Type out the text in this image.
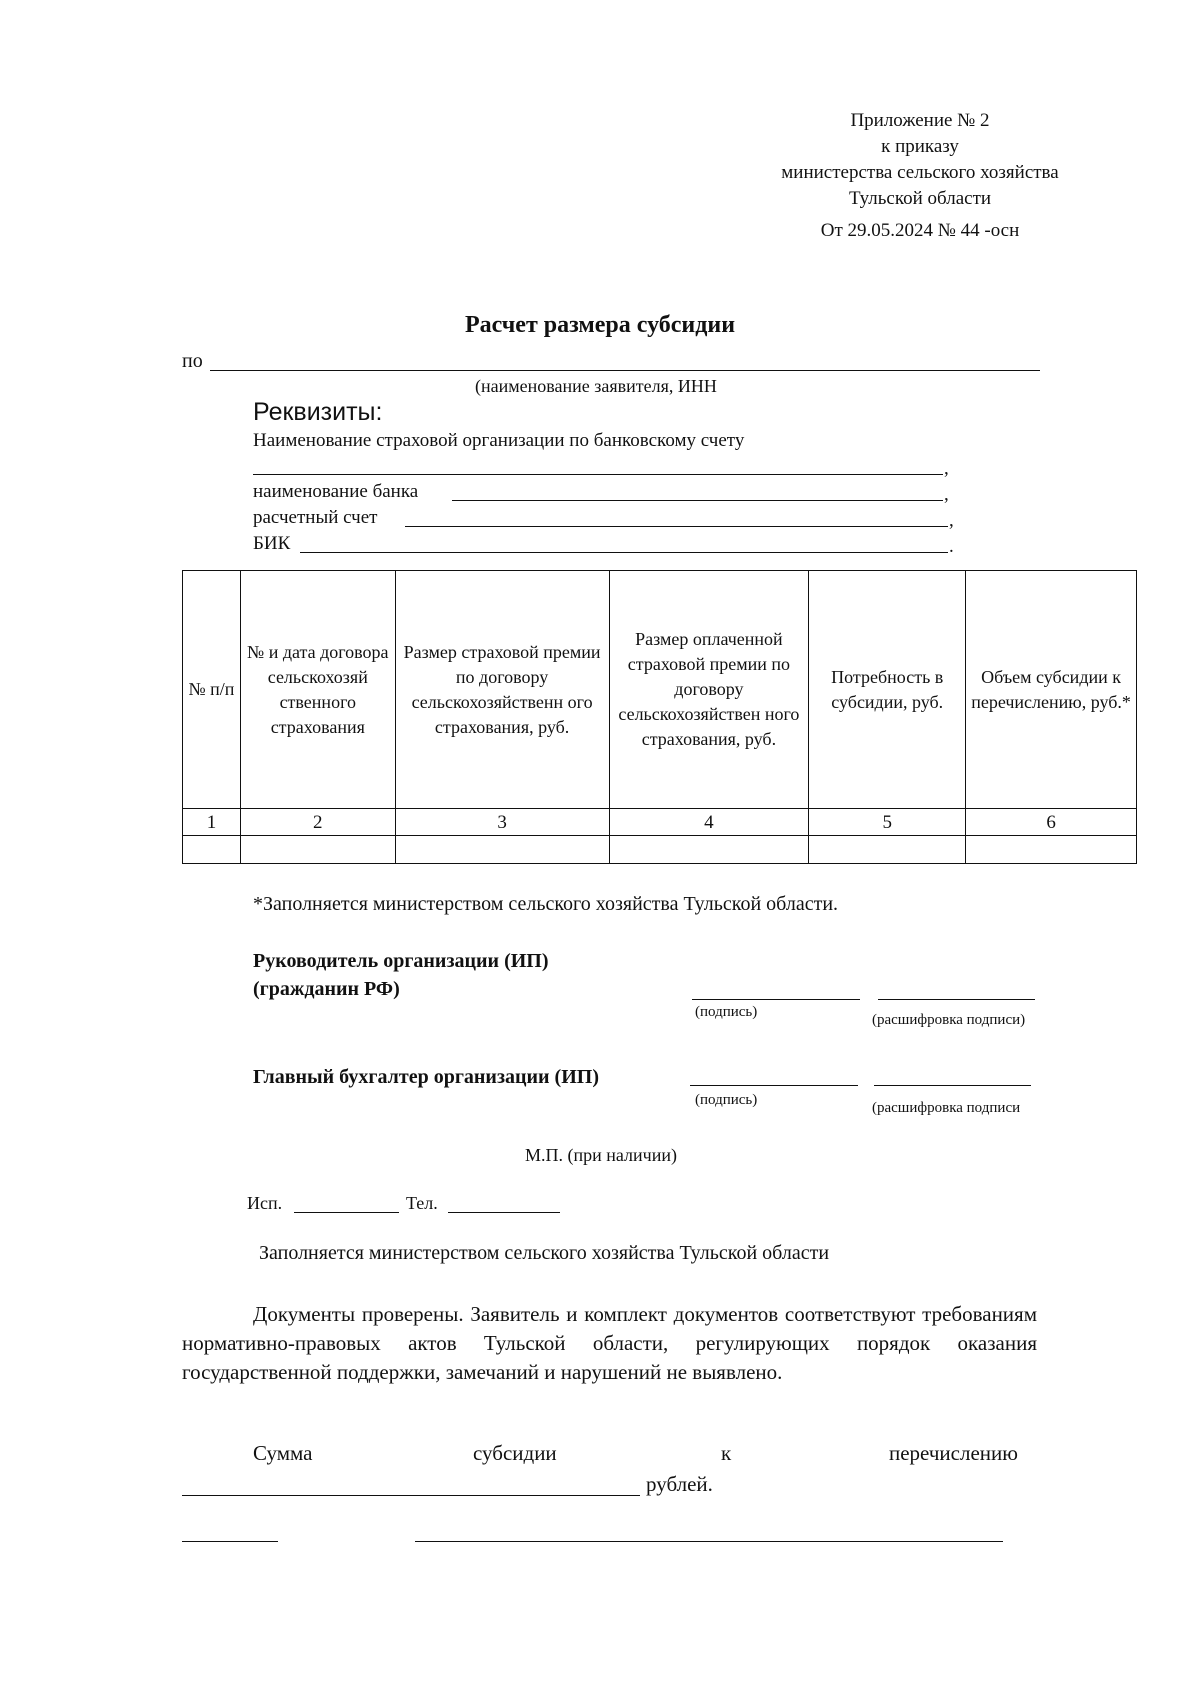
Приложение № 2
к приказу
министерства сельского хозяйства
Тульской области
От 29.05.2024 № 44 -осн
Расчет размера субсидии
по
(наименование заявителя, ИНН
Реквизиты:
Наименование страховой организации по банковскому счету
,
наименование банка	,
расчетный счет	,
БИК	.
№ п/п	№ и дата договора сельскохозяй ственного страхования	Размер страховой премии по договору сельскохозяйственн ого страхования, руб.	Размер оплаченной страховой премии по договору сельскохозяйствен ного страхования, руб.	Потребность в субсидии, руб.	Объем субсидии к перечислению, руб.*
1	2	3	4	5	6

*Заполняется министерством сельского хозяйства Тульской области.
Руководитель организации (ИП)
(гражданин РФ)
(подпись)	(расшифровка подписи)
Главный бухгалтер организации (ИП)
(подпись)	(расшифровка подписи
М.П. (при наличии)
Исп.	Тел.
Заполняется министерством сельского хозяйства Тульской области
Документы проверены. Заявитель и комплект документов соответствуют требованиям нормативно-правовых актов Тульской области, регулирующих порядок оказания государственной поддержки, замечаний и нарушений не выявлено.
Сумма	субсидии	к	перечислению
рублей.
